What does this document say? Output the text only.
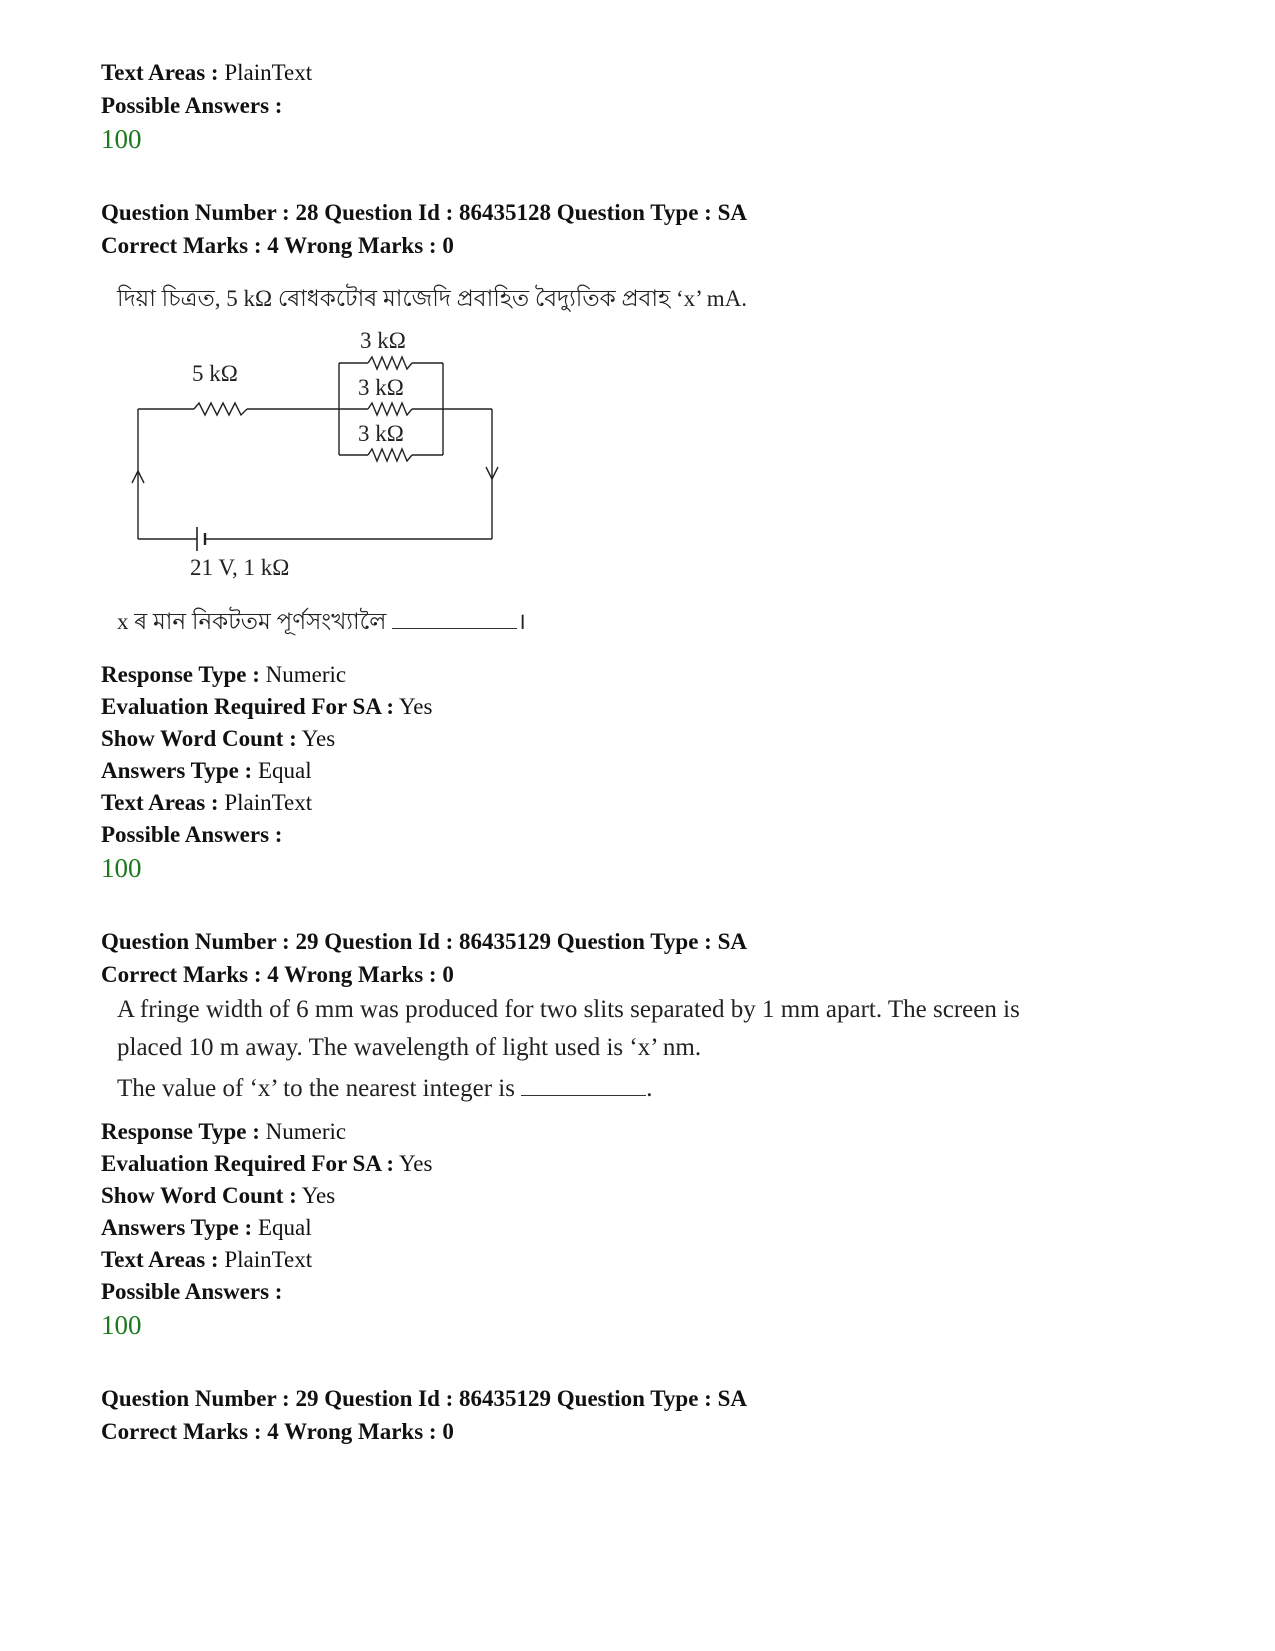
Text Areas : PlainText
Possible Answers :
100
Question Number : 28 Question Id : 86435128 Question Type : SA
Correct Marks : 4 Wrong Marks : 0
দিয়া চিত্ৰত, 5 kΩ ৰোধকটোৰ মাজেদি প্ৰবাহিত বৈদ্যুতিক প্ৰবাহ ‘x’ mA.
5 kΩ
3 kΩ
3 kΩ
3 kΩ
21 V, 1 kΩ
x ৰ মান নিকটতম পূৰ্ণসংখ্যালৈ	।
Response Type : Numeric
Evaluation Required For SA : Yes
Show Word Count : Yes
Answers Type : Equal
Text Areas : PlainText
Possible Answers :
100
Question Number : 29 Question Id : 86435129 Question Type : SA
Correct Marks : 4 Wrong Marks : 0
A fringe width of 6 mm was produced for two slits separated by 1 mm apart. The screen is
placed 10 m away. The wavelength of light used is ‘x’ nm.
The value of ‘x’ to the nearest integer is	.
Response Type : Numeric
Evaluation Required For SA : Yes
Show Word Count : Yes
Answers Type : Equal
Text Areas : PlainText
Possible Answers :
100
Question Number : 29 Question Id : 86435129 Question Type : SA
Correct Marks : 4 Wrong Marks : 0
